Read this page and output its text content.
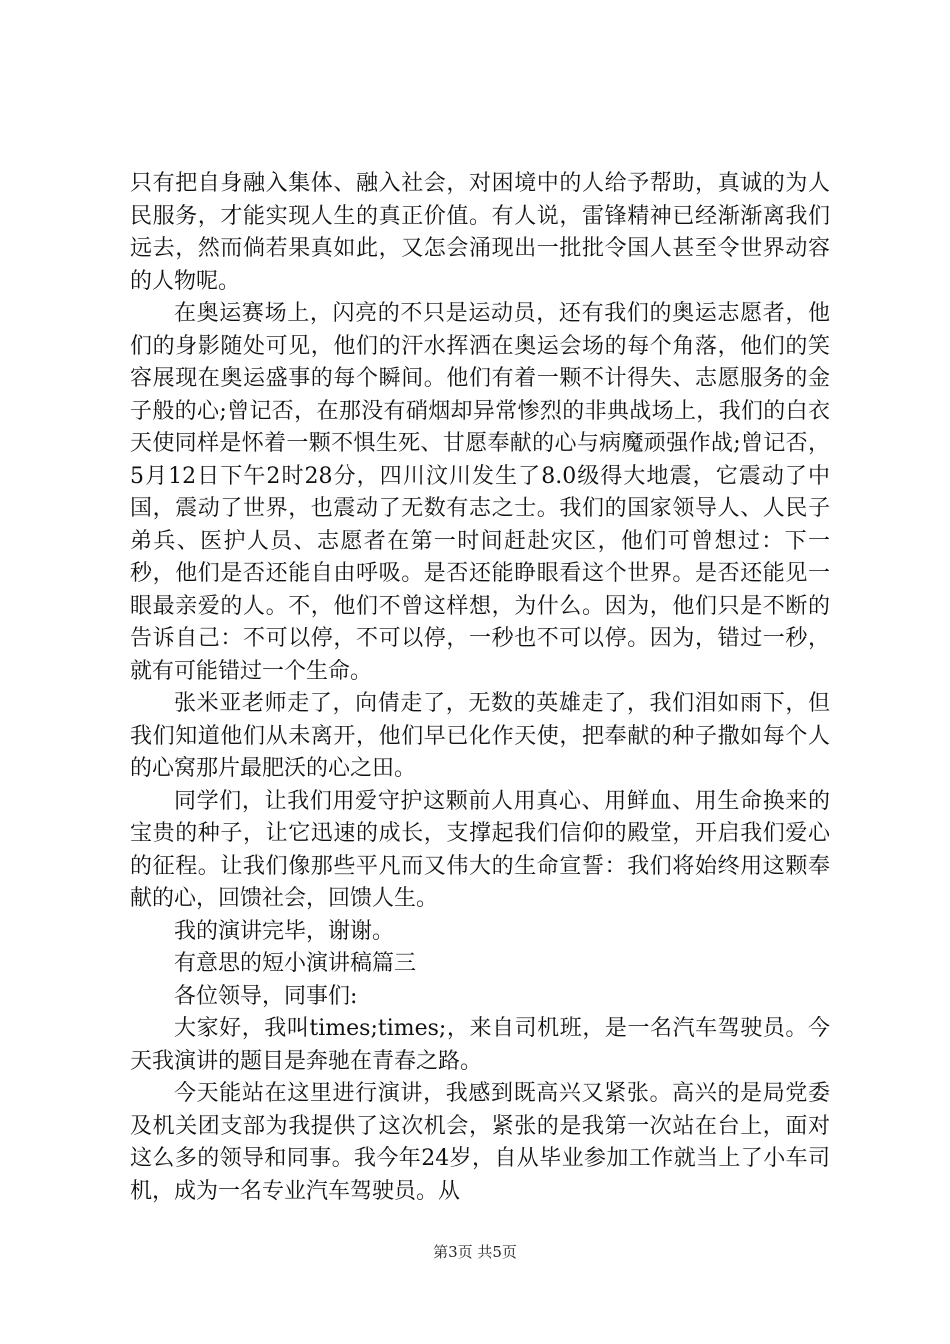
只有把自身融入集体、融入社会，对困境中的人给予帮助，真诚的为人民服务，才能实现人生的真正价值。有人说，雷锋精神已经渐渐离我们远去，然而倘若果真如此，又怎会涌现出一批批令国人甚至令世界动容的人物呢。

在奥运赛场上，闪亮的不只是运动员，还有我们的奥运志愿者，他们的身影随处可见，他们的汗水挥洒在奥运会场的每个角落，他们的笑容展现在奥运盛事的每个瞬间。他们有着一颗不计得失、志愿服务的金子般的心;曾记否，在那没有硝烟却异常惨烈的非典战场上，我们的白衣天使同样是怀着一颗不惧生死、甘愿奉献的心与病魔顽强作战;曾记否，5月12日下午2时28分，四川汶川发生了8.0级得大地震，它震动了中国，震动了世界，也震动了无数有志之士。我们的国家领导人、人民子弟兵、医护人员、志愿者在第一时间赶赴灾区，他们可曾想过：下一秒，他们是否还能自由呼吸。是否还能睁眼看这个世界。是否还能见一眼最亲爱的人。不，他们不曾这样想，为什么。因为，他们只是不断的告诉自己：不可以停，不可以停，一秒也不可以停。因为，错过一秒，就有可能错过一个生命。

张米亚老师走了，向倩走了，无数的英雄走了，我们泪如雨下，但我们知道他们从未离开，他们早已化作天使，把奉献的种子撒如每个人的心窝那片最肥沃的心之田。

同学们，让我们用爱守护这颗前人用真心、用鲜血、用生命换来的宝贵的种子，让它迅速的成长，支撑起我们信仰的殿堂，开启我们爱心的征程。让我们像那些平凡而又伟大的生命宣誓：我们将始终用这颗奉献的心，回馈社会，回馈人生。

我的演讲完毕，谢谢。

有意思的短小演讲稿篇三

各位领导，同事们:

大家好，我叫times;times;，来自司机班，是一名汽车驾驶员。今天我演讲的题目是奔驰在青春之路。

今天能站在这里进行演讲，我感到既高兴又紧张。高兴的是局党委及机关团支部为我提供了这次机会，紧张的是我第一次站在台上，面对这么多的领导和同事。我今年24岁，自从毕业参加工作就当上了小车司机，成为一名专业汽车驾驶员。从

第3页 共5页
